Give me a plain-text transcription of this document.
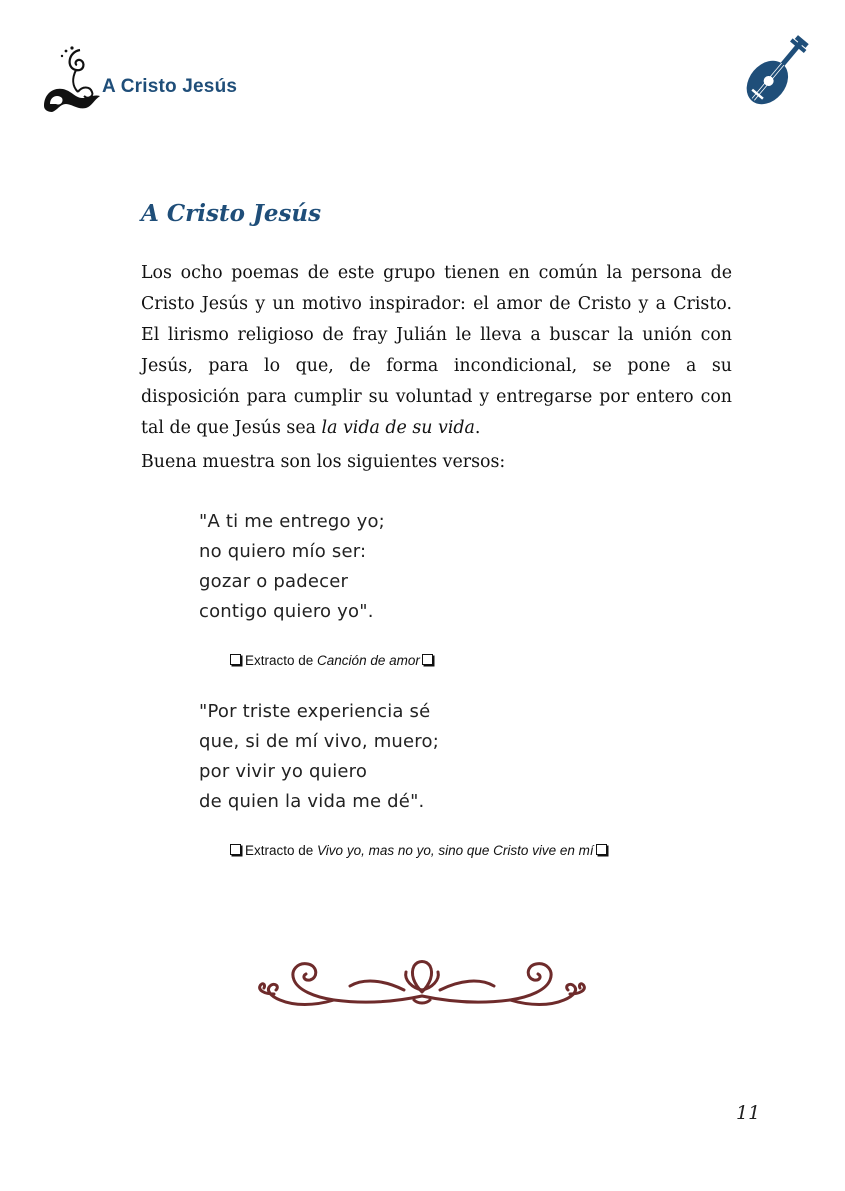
A Cristo Jesús
A Cristo Jesús

Los ocho poemas de este grupo tienen en común la persona de Cristo Jesús y un motivo inspirador: el amor de Cristo y a Cristo. El lirismo religioso de fray Julián le lleva a buscar la unión con Jesús, para lo que, de forma incondicional, se pone a su disposición para cumplir su voluntad y entregarse por entero con tal de que Jesús sea la vida de su vida.

Buena muestra son los siguientes versos:

"A ti me entrego yo;
no quiero mío ser:
gozar o padecer
contigo quiero yo".
Extracto de Canción de amor
"Por triste experiencia sé
que, si de mí vivo, muero;
por vivir yo quiero
de quien la vida me dé".
Extracto de Vivo yo, mas no yo, sino que Cristo vive en mí
11
